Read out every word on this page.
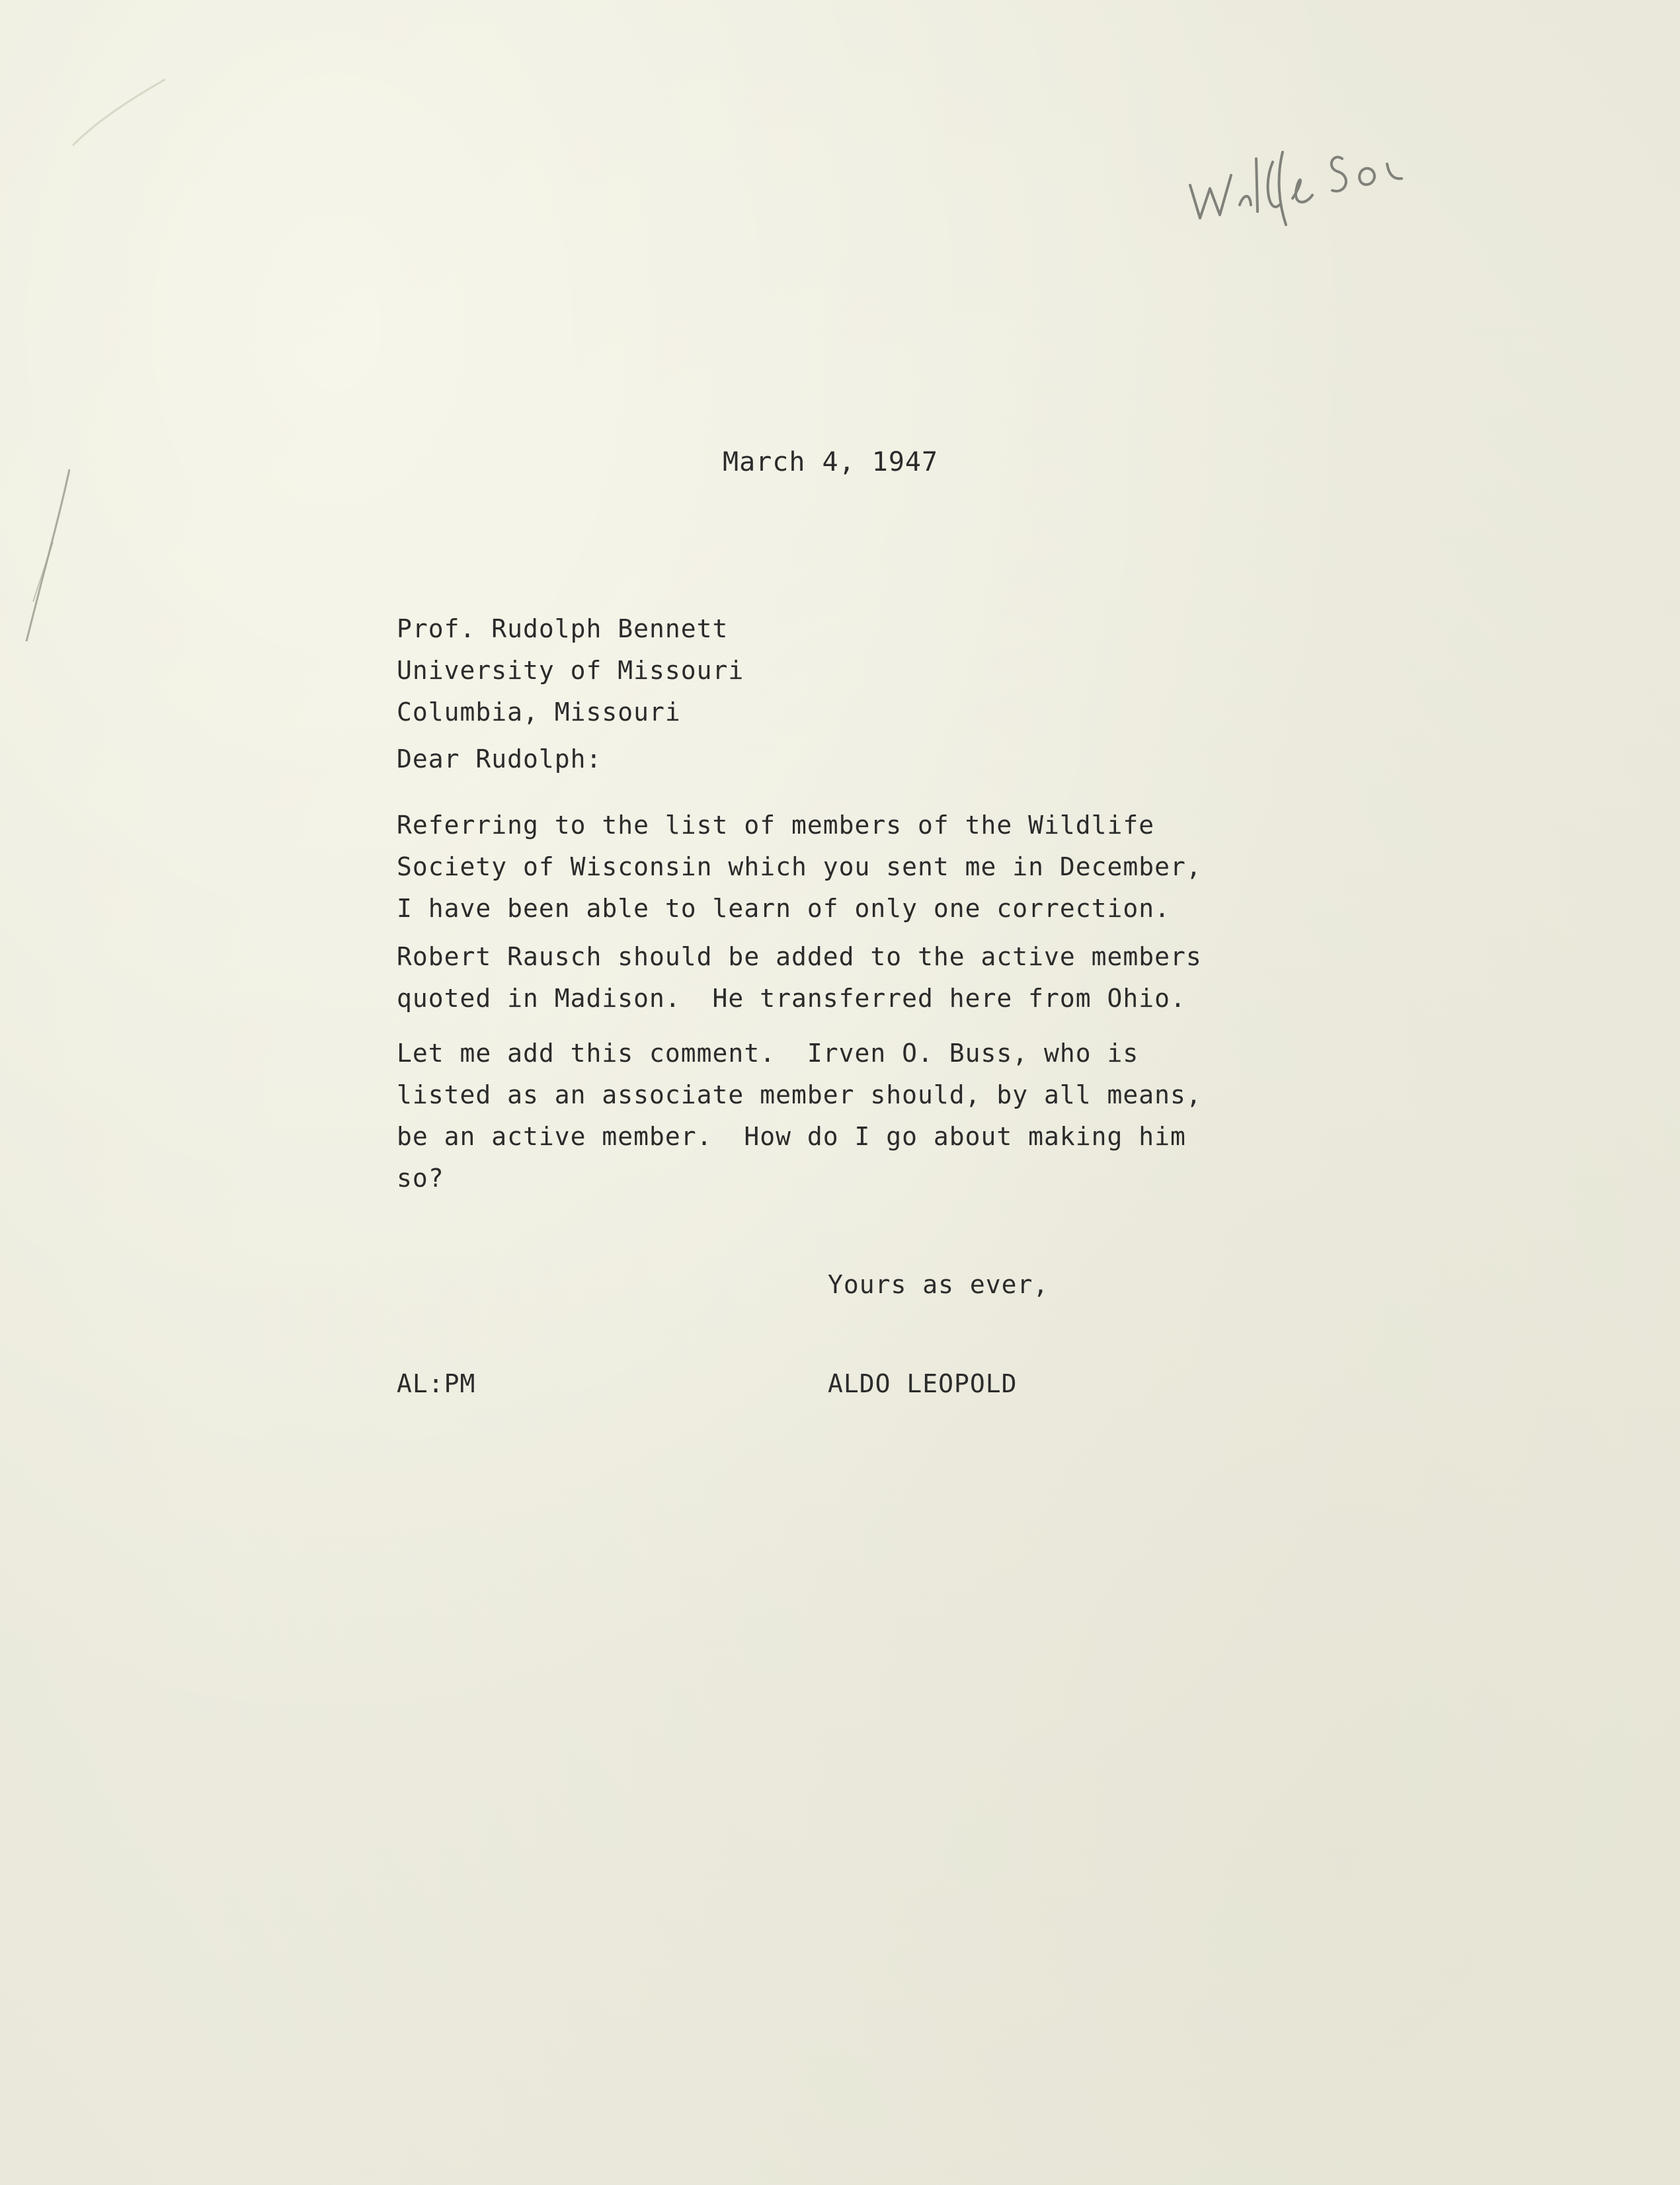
March 4, 1947

Prof. Rudolph Bennett
University of Missouri
Columbia, Missouri

Dear Rudolph:

Referring to the list of members of the Wildlife
Society of Wisconsin which you sent me in December,
I have been able to learn of only one correction.
Robert Rausch should be added to the active members
quoted in Madison.  He transferred here from Ohio.
Let me add this comment.  Irven O. Buss, who is
listed as an associate member should, by all means,
be an active member.  How do I go about making him
so?

Yours as ever,

AL:PM	ALDO LEOPOLD
